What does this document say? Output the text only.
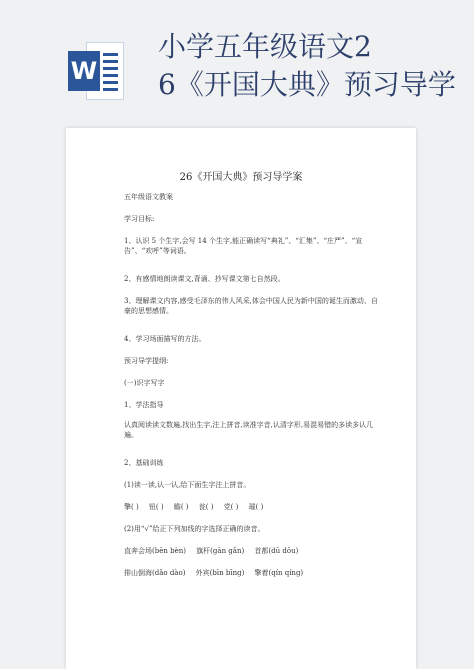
W
小学五年级语文2
6《开国大典》预习导学
26《开国大典》预习导学案
五年级语文教案
学习目标:
1、认识 5 个生字,会写 14 个生字,能正确读写“典礼”、“汇集”、“庄严”、“宣告”、“欢呼”等词语。
2、有感情地朗读课文,背诵、抄写课文第七自然段。
3、理解课文内容,感受毛泽东的伟人风采,体会中国人民为新中国的诞生而激动、自豪的思想感情。
4、学习场面描写的方法。
预习导学提纲:
(一)识字写字
1、学法指导
认真阅读读文数遍,找出生字,注上拼音,读准字音,认清字形,易混易错的多读多认几遍。
2、基础训练
(1)读一读,认一认,给下面生字注上拼音。
擎( ) 钮( ) 瞻( ) 瓮( ) 党( ) 璀( )
(2)用“√”给正下列加线的字选择正确的读音。
直奔会场(bēn bèn) 旗杆(gān gǎn) 首都(dū dōu)
排山倒海(dǎo dào) 外宾(bīn bīng) 擎着(qín qíng)
